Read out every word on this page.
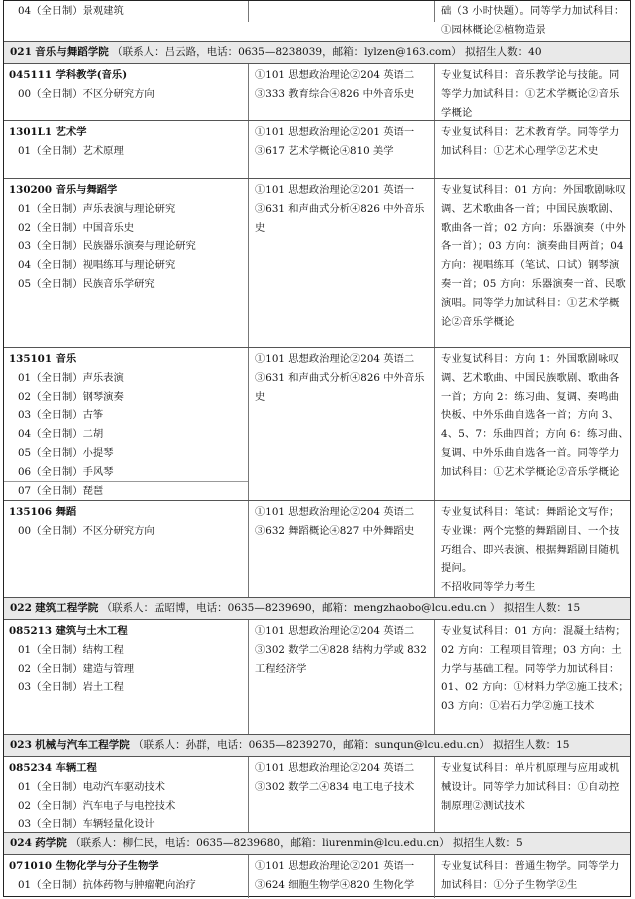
04（全日制）景观建筑	础（3 小时快题）。同等学力加试科目：①园林概论②植物造景
021 音乐与舞蹈学院 （联系人：吕云路，电话：0635—8238039，邮箱：lylzen@163.com） 拟招生人数：40
045111 学科教学(音乐)
00（全日制）不区分研究方向
①101 思想政治理论②204 英语二③333 教育综合④826 中外音乐史
专业复试科目：音乐教学论与技能。同等学力加试科目：①艺术学概论②音乐学概论
1301L1 艺术学
01（全日制）艺术原理
①101 思想政治理论②201 英语一③617 艺术学概论④810 美学
专业复试科目：艺术教育学。同等学力加试科目：①艺术心理学②艺术史
130200 音乐与舞蹈学
01（全日制）声乐表演与理论研究
02（全日制）中国音乐史
03（全日制）民族器乐演奏与理论研究
04（全日制）视唱练耳与理论研究
05（全日制）民族音乐学研究
①101 思想政治理论②201 英语一③631 和声曲式分析④826 中外音乐史
专业复试科目：01 方向：外国歌剧咏叹调、艺术歌曲各一首；中国民族歌剧、歌曲各一首；02 方向：乐器演奏（中外各一首）；03 方向：演奏曲目两首；04 方向：视唱练耳（笔试、口试）钢琴演奏一首；05 方向：乐器演奏一首、民歌演唱。同等学力加试科目：①艺术学概论②音乐学概论
135101 音乐
01（全日制）声乐表演
02（全日制）钢琴演奏
03（全日制）古筝
04（全日制）二胡
05（全日制）小提琴
06（全日制）手风琴
07（全日制）琵琶
①101 思想政治理论②204 英语二③631 和声曲式分析④826 中外音乐史
专业复试科目：方向 1：外国歌剧咏叹调、艺术歌曲、中国民族歌剧、歌曲各一首；方向 2：练习曲、复调、奏鸣曲快板、中外乐曲自选各一首；方向 3、4、5、7：乐曲四首；方向 6：练习曲、复调、中外乐曲自选各一首。同等学力加试科目：①艺术学概论②音乐学概论
135106 舞蹈
00（全日制）不区分研究方向
①101 思想政治理论②204 英语二③632 舞蹈概论④827 中外舞蹈史
专业复试科目：笔试：舞蹈论文写作；专业课：两个完整的舞蹈剧目、一个技巧组合、即兴表演、根据舞蹈剧目随机提问。
不招收同等学力考生
022 建筑工程学院 （联系人：孟昭博，电话：0635—8239690，邮箱：mengzhaobo@lcu.edu.cn ） 拟招生人数：15
085213 建筑与土木工程
01（全日制）结构工程
02（全日制）建造与管理
03（全日制）岩土工程
①101 思想政治理论②204 英语二③302 数学二④828 结构力学或 832 工程经济学
专业复试科目：01 方向：混凝土结构；02 方向：工程项目管理；03 方向：土力学与基础工程。同等学力加试科目：01、02 方向：①材料力学②施工技术；03 方向：①岩石力学②施工技术
023 机械与汽车工程学院 （联系人：孙群，电话：0635—8239270，邮箱：sunqun@lcu.edu.cn） 拟招生人数：15
085234 车辆工程
01（全日制）电动汽车驱动技术
02（全日制）汽车电子与电控技术
03（全日制）车辆轻量化设计
①101 思想政治理论②204 英语二③302 数学二④834 电工电子技术
专业复试科目：单片机原理与应用或机械设计。同等学力加试科目：①自动控制原理②测试技术
024 药学院 （联系人：柳仁民，电话：0635—8239680，邮箱：liurenmin@lcu.edu.cn） 拟招生人数：5
071010 生物化学与分子生物学
01（全日制）抗体药物与肿瘤靶向治疗
①101 思想政治理论②201 英语一③624 细胞生物学④820 生物化学
专业复试科目：普通生物学。同等学力加试科目：①分子生物学②生
